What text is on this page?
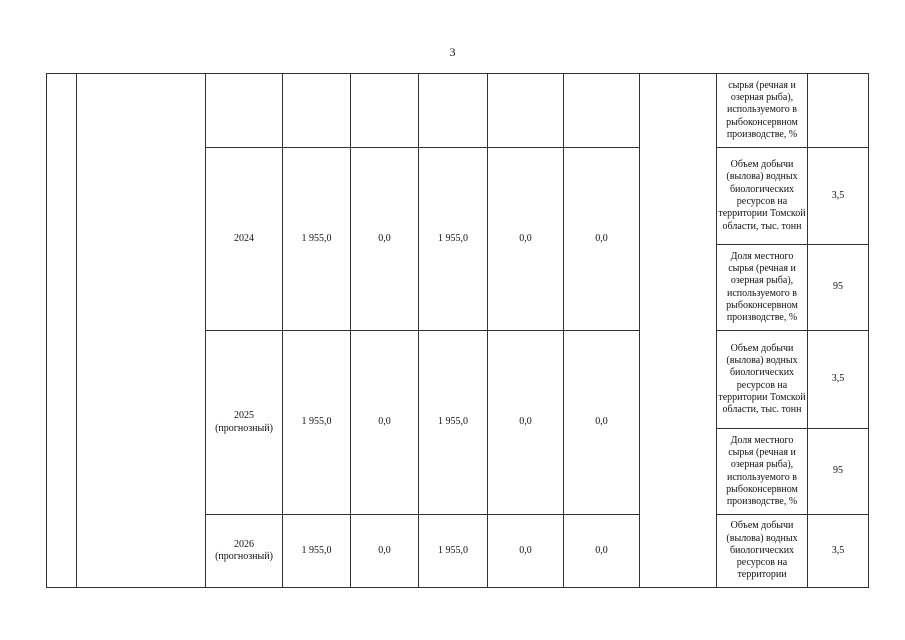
3
									сырья (речная и озерная рыба), используемого в рыбоконсервном производстве, %	
		2024	1 955,0	0,0	1 955,0	0,0	0,0		Объем добычи (вылова) водных биологических ресурсов на территории Томской области, тыс. тонн	3,5
									Доля местного сырья (речная и озерная рыба), используемого в рыбоконсервном производстве, %	95
		2025 (прогнозный)	1 955,0	0,0	1 955,0	0,0	0,0		Объем добычи (вылова) водных биологических ресурсов на территории Томской области, тыс. тонн	3,5
									Доля местного сырья (речная и озерная рыба), используемого в рыбоконсервном производстве, %	95
		2026 (прогнозный)	1 955,0	0,0	1 955,0	0,0	0,0		Объем добычи (вылова) водных биологических ресурсов на территории	3,5
